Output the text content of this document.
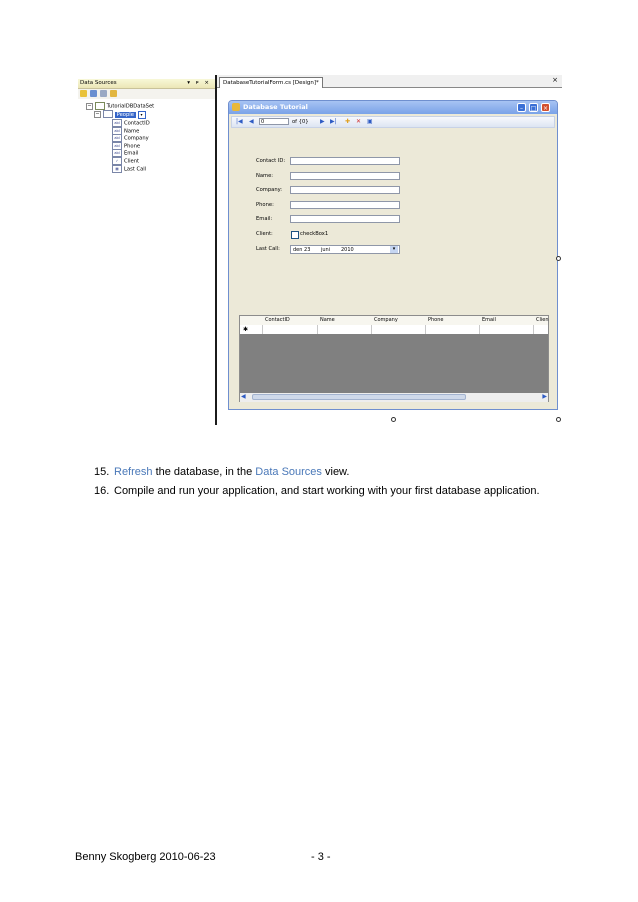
Data Sources	▾ ᴘ ×
−	TutorialDBDataSet
−	People ▾
abl ContactID
abl Name
abl Company
abl Phone
abl Email
✓ Client
▦ Last Call
DatabaseTutorialForm.cs [Design]*	×
Database Tutorial	–	□	×
|◀ ◀ 0	of {0} ▶ ▶| ✚ ✕ ▣
Contact ID:
Name:
Company:
Phone:
Email:
Client:	checkBox1
Last Call:	den 23 juni 2010	▾
ContactID	Name	Company	Phone	Email	Clien
✱
◀	▶
15. Refresh the database, in the Data Sources view.
16. Compile and run your application, and start working with your first database application.
Benny Skogberg 2010-06-23	- 3 -
